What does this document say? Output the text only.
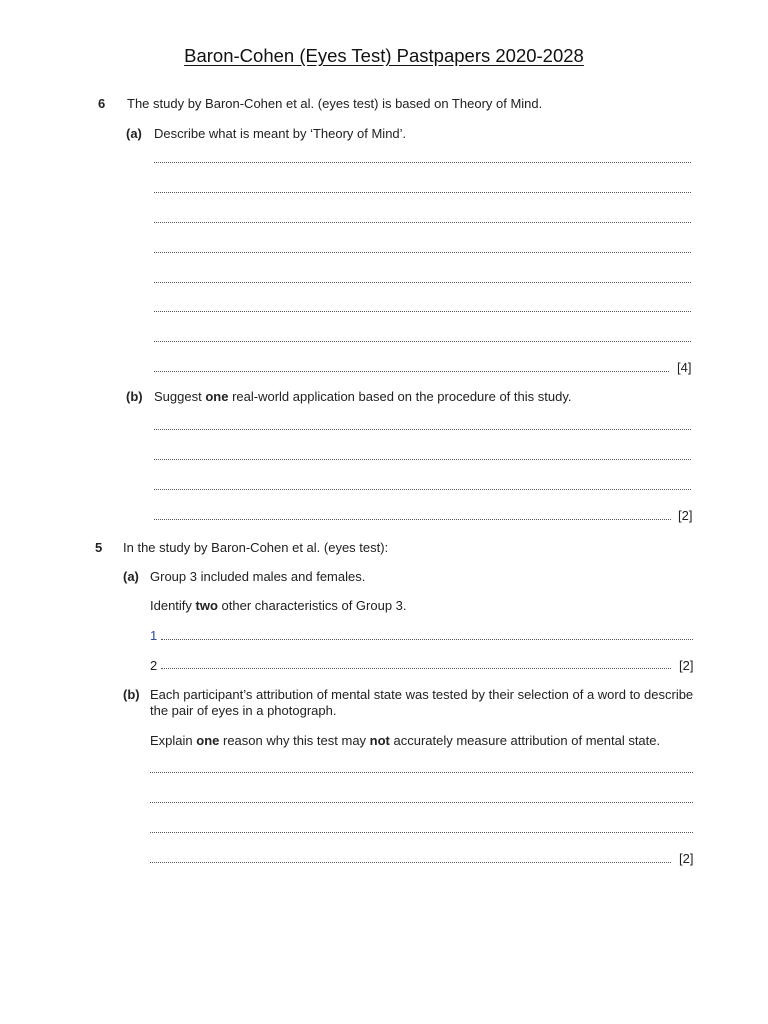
Baron-Cohen (Eyes Test) Pastpapers 2020-2028
6 The study by Baron-Cohen et al. (eyes test) is based on Theory of Mind.
(a) Describe what is meant by ‘Theory of Mind’.
[4]
(b) Suggest one real-world application based on the procedure of this study.
[2]
5 In the study by Baron-Cohen et al. (eyes test):
(a) Group 3 included males and females.
Identify two other characteristics of Group 3.
1
2	[2]
(b) Each participant’s attribution of mental state was tested by their selection of a word to describe
the pair of eyes in a photograph.
Explain one reason why this test may not accurately measure attribution of mental state.
[2]
